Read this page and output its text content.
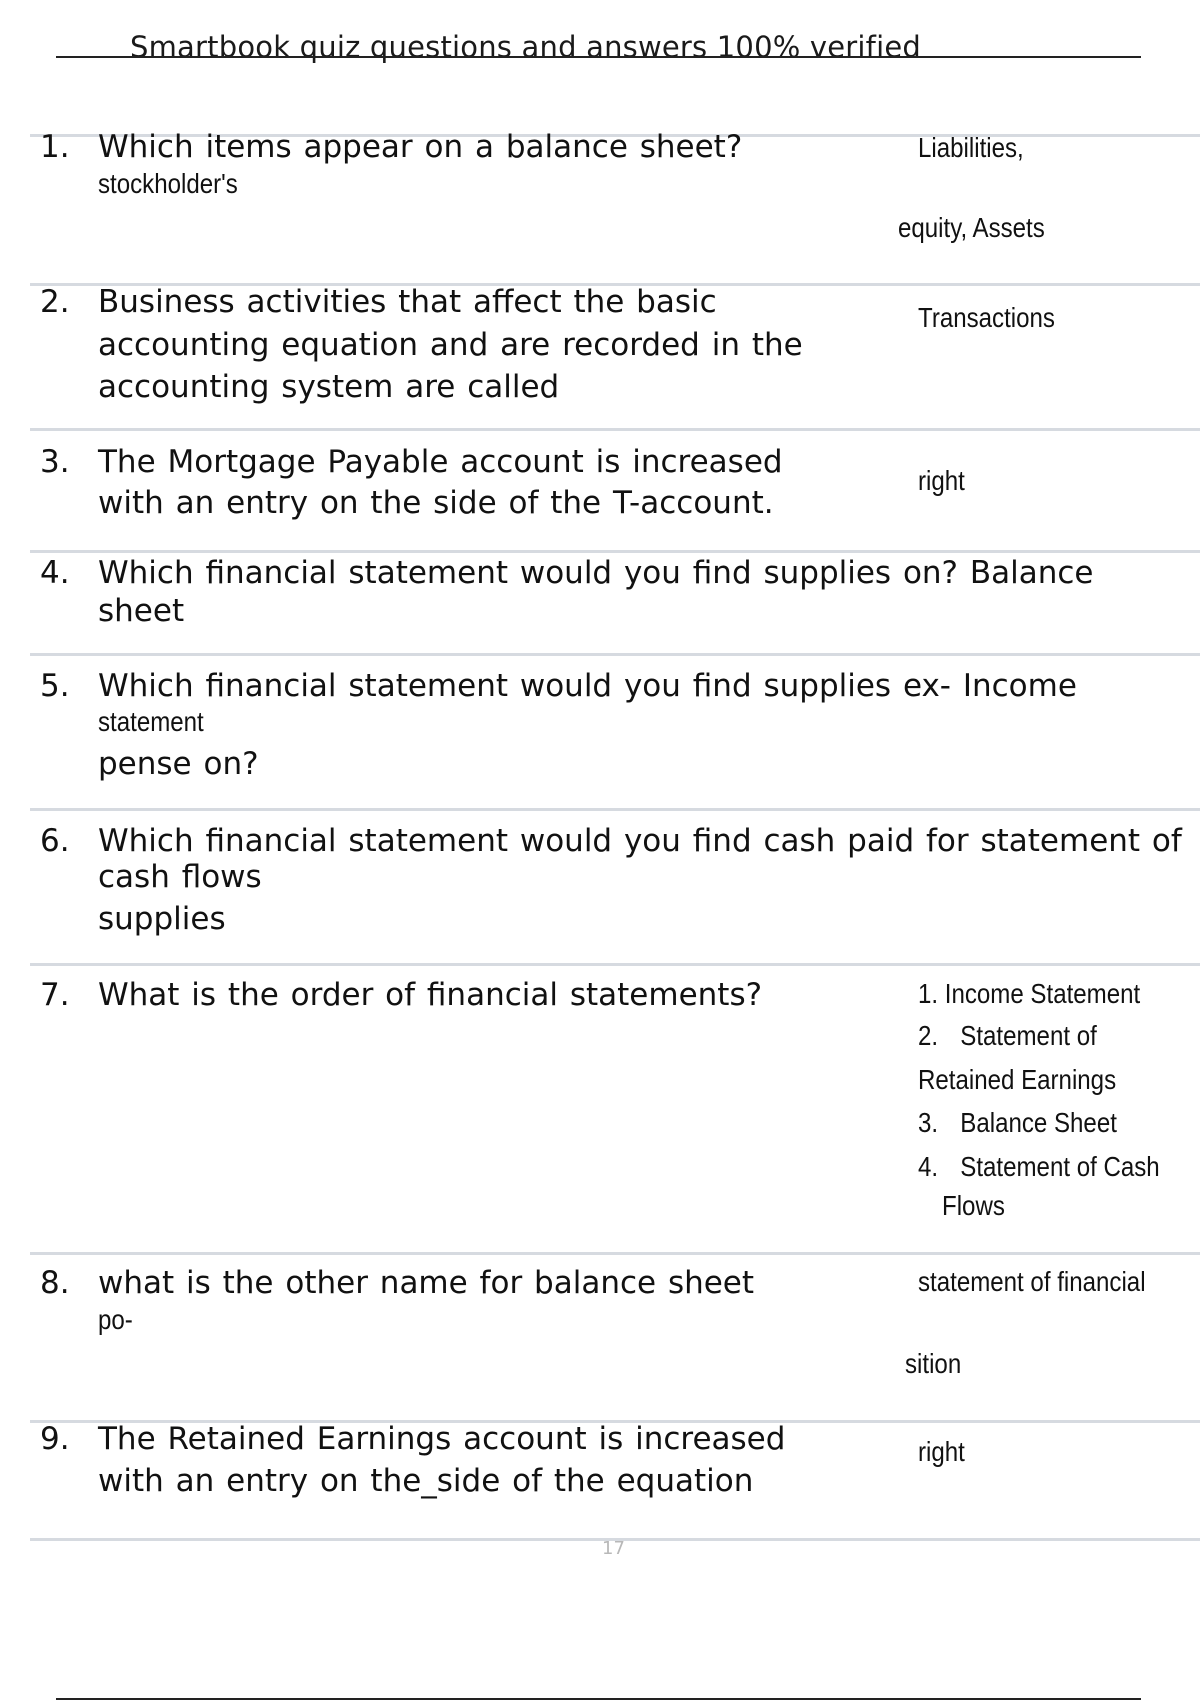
Smartbook quiz questions and answers 100% verified
1. Which items appear on a balance sheet?
stockholder's
Liabilities,
equity, Assets
2. Business activities that affect the basic
accounting equation and are recorded in the
accounting system are called
Transactions
3. The Mortgage Payable account is increased
with an entry on the side of the T-account.
right
4. Which financial statement would you find supplies on? Balance
sheet
5. Which financial statement would you find supplies ex- Income
pense on?
statement
6. Which financial statement would you find cash paid for statement of
cash flows
supplies
7. What is the order of financial statements?	1. Income Statement
2. Statement of
Retained Earnings
3. Balance Sheet
4. Statement of Cash
Flows
8. what is the other name for balance sheet
po-
statement of financial
sition
9. The Retained Earnings account is increased
with an entry on the_side of the equation
right
17
